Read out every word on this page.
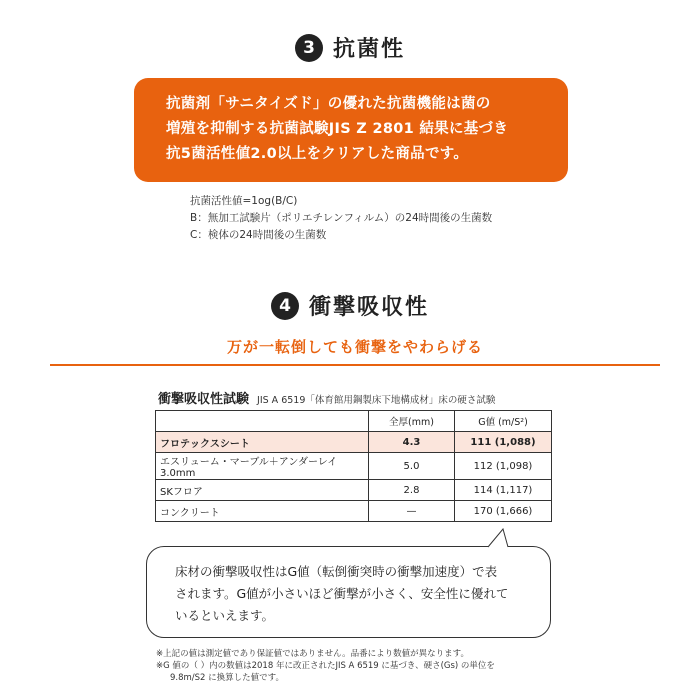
3 抗菌性
抗菌剤「サニタイズド」の優れた抗菌機能は菌の
増殖を抑制する抗菌試験JIS Z 2801 結果に基づき
抗5菌活性値2.0以上をクリアした商品です。
抗菌活性値=1og(B/C)
B：無加工試験片（ポリエチレンフィルム）の24時間後の生菌数
C：検体の24時間後の生菌数
4 衝撃吸収性
万が一転倒しても衝撃をやわらげる
衝撃吸収性試験 JIS A 6519「体育館用鋼製床下地構成材」床の硬さ試験
	全厚(mm)	G値 (m/S²)
フロテックスシート	4.3	111 (1,088)
エスリューム・マーブル＋アンダーレイ3.0mm	5.0	112 (1,098)
SKフロア	2.8	114 (1,117)
コンクリート	—	170 (1,666)
床材の衝撃吸収性はG値（転倒衝突時の衝撃加速度）で表
されます。G値が小さいほど衝撃が小さく、安全性に優れて
いるといえます。
※上記の値は測定値であり保証値ではありません。品番により数値が異なります。
※G 値の（ ）内の数値は2018 年に改正されたJIS A 6519 に基づき、硬さ(Gs) の単位を
9.8m/S2 に換算した値です。
